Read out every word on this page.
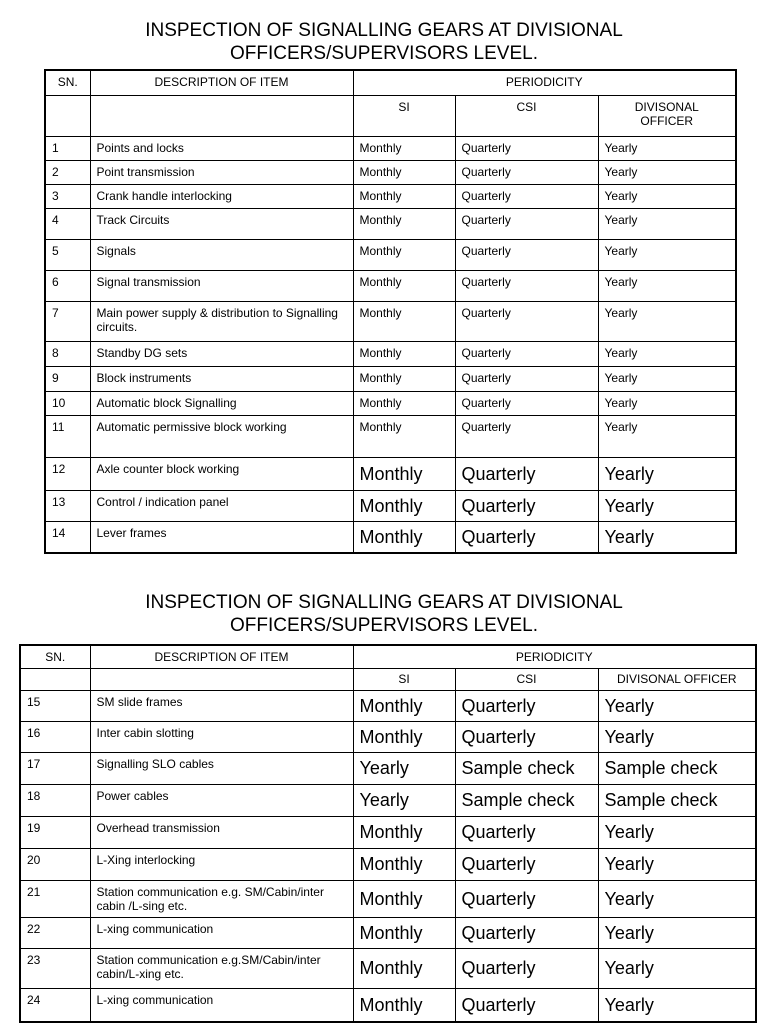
INSPECTION OF SIGNALLING GEARS AT DIVISIONAL
OFFICERS/SUPERVISORS LEVEL.
SN.	DESCRIPTION OF ITEM	PERIODICITY		
		SI	CSI	DIVISONAL
OFFICER
1	Points and locks	Monthly	Quarterly	Yearly
2	Point transmission	Monthly	Quarterly	Yearly
3	Crank handle interlocking	Monthly	Quarterly	Yearly
4	Track Circuits	Monthly	Quarterly	Yearly
5	Signals	Monthly	Quarterly	Yearly
6	Signal transmission	Monthly	Quarterly	Yearly
7	Main power supply & distribution to Signalling circuits.	Monthly	Quarterly	Yearly
8	Standby DG sets	Monthly	Quarterly	Yearly
9	Block instruments	Monthly	Quarterly	Yearly
10	Automatic block Signalling	Monthly	Quarterly	Yearly
11	Automatic permissive block working	Monthly	Quarterly	Yearly
12	Axle counter block working	Monthly	Quarterly	Yearly
13	Control / indication panel	Monthly	Quarterly	Yearly
14	Lever frames	Monthly	Quarterly	Yearly
INSPECTION OF SIGNALLING GEARS AT DIVISIONAL
OFFICERS/SUPERVISORS LEVEL.
SN.	DESCRIPTION OF ITEM	PERIODICITY		
		SI	CSI	DIVISONAL OFFICER
15	SM slide frames	Monthly	Quarterly	Yearly
16	Inter cabin slotting	Monthly	Quarterly	Yearly
17	Signalling SLO cables	Yearly	Sample check	Sample check
18	Power cables	Yearly	Sample check	Sample check
19	Overhead transmission	Monthly	Quarterly	Yearly
20	L-Xing interlocking	Monthly	Quarterly	Yearly
21	Station communication e.g. SM/Cabin/inter cabin /L-sing etc.	Monthly	Quarterly	Yearly
22	L-xing communication	Monthly	Quarterly	Yearly
23	Station communication e.g.SM/Cabin/inter cabin/L-xing etc.	Monthly	Quarterly	Yearly
24	L-xing communication	Monthly	Quarterly	Yearly
